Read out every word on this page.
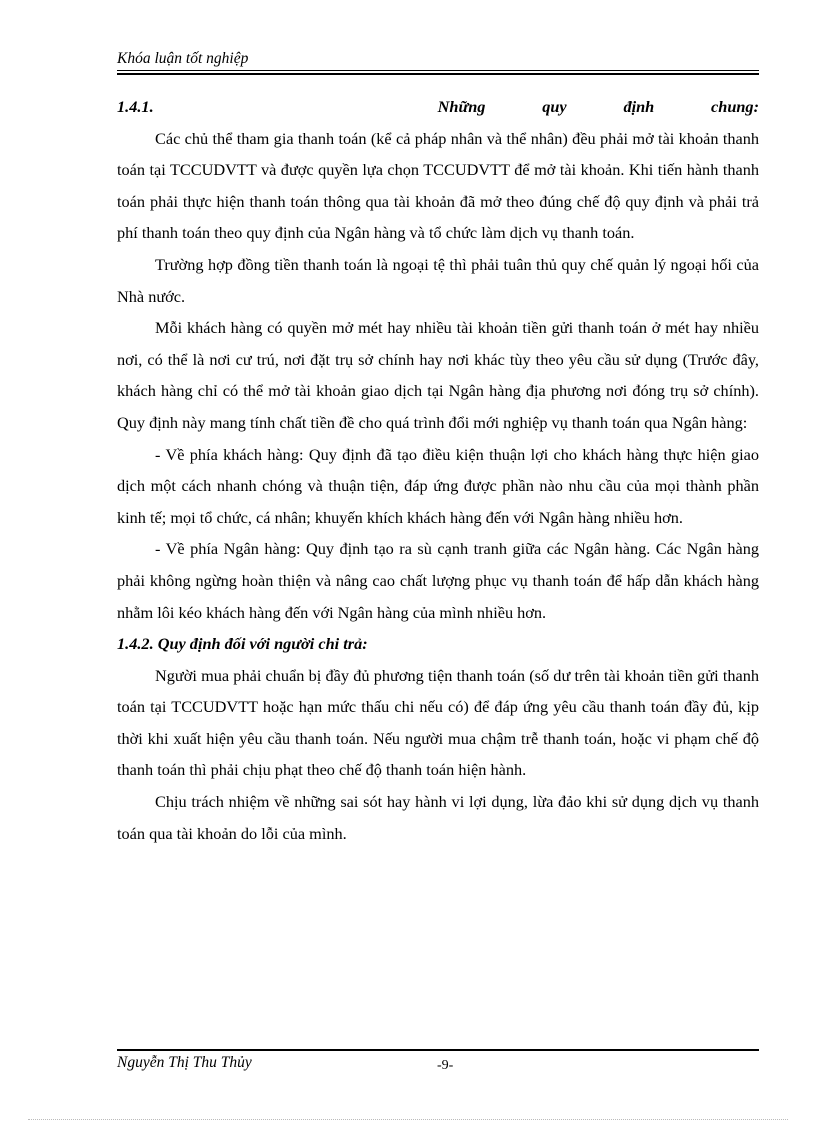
Khóa luận tốt nghiệp
1.4.1.     Những quy định chung:

Các chủ thể tham gia thanh toán (kể cả pháp nhân và thể nhân) đều phải mở tài khoản thanh toán tại TCCUDVTT và được quyền lựa chọn TCCUDVTT để mở tài khoản. Khi tiến hành thanh toán phải thực hiện thanh toán thông qua tài khoản đã mở theo đúng chế độ quy định và phải trả phí thanh toán theo quy định của Ngân hàng và tổ chức làm dịch vụ thanh toán.

Trường hợp đồng tiền thanh toán là ngoại tệ thì phải tuân thủ quy chế quản lý ngoại hối của Nhà nước.

Mỗi khách hàng có quyền mở mét hay nhiều tài khoản tiền gửi thanh toán ở mét hay nhiều nơi, có thể là nơi cư trú, nơi đặt trụ sở chính hay nơi khác tùy theo yêu cầu sử dụng (Trước đây, khách hàng chỉ có thể mở tài khoản giao dịch tại Ngân hàng địa phương nơi đóng trụ sở chính). Quy định này mang tính chất tiền đề cho quá trình đổi mới nghiệp vụ thanh toán qua Ngân hàng:

- Về phía khách hàng: Quy định đã tạo điều kiện thuận lợi cho khách hàng thực hiện giao dịch một cách nhanh chóng và thuận tiện, đáp ứng được phần nào nhu cầu của mọi thành phần kinh tế; mọi tổ chức, cá nhân; khuyến khích khách hàng đến với Ngân hàng nhiều hơn.

- Về phía Ngân hàng: Quy định tạo ra sù cạnh tranh giữa các Ngân hàng. Các Ngân hàng phải không ngừng hoàn thiện và nâng cao chất lượng phục vụ thanh toán để hấp dẫn khách hàng nhằm lôi kéo khách hàng đến với Ngân hàng của mình nhiều hơn.

1.4.2. Quy định đối với người chi trả:

Người mua phải chuẩn bị đầy đủ phương tiện thanh toán (số dư trên tài khoản tiền gửi thanh toán tại TCCUDVTT hoặc hạn mức thấu chi nếu có) để đáp ứng yêu cầu thanh toán đầy đủ, kịp thời khi xuất hiện yêu cầu thanh toán. Nếu người mua chậm trễ thanh toán, hoặc vi phạm chế độ thanh toán thì phải chịu phạt theo chế độ thanh toán hiện hành.

Chịu trách nhiệm về những sai sót hay hành vi lợi dụng, lừa đảo khi sử dụng dịch vụ thanh toán qua tài khoản do lỗi của mình.

Nguyễn Thị Thu Thủy	-9-
